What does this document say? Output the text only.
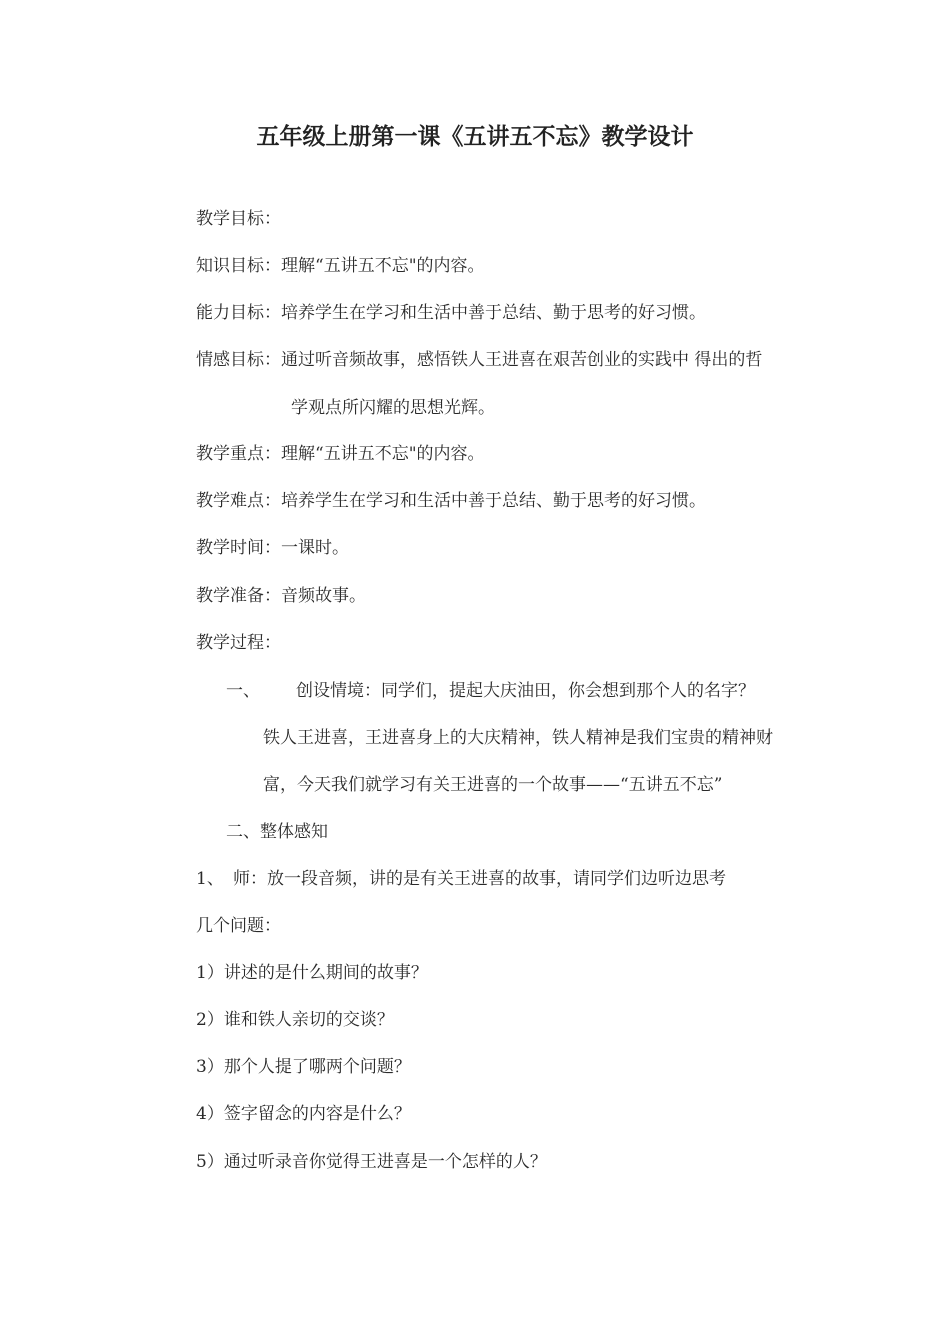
五年级上册第一课《五讲五不忘》教学设计
教学目标：
知识目标：理解“五讲五不忘"的内容。
能力目标：培养学生在学习和生活中善于总结、勤于思考的好习惯。
情感目标：通过听音频故事，感悟铁人王进喜在艰苦创业的实践中 得出的哲
学观点所闪耀的思想光辉。
教学重点：理解“五讲五不忘"的内容。
教学难点：培养学生在学习和生活中善于总结、勤于思考的好习惯。
教学时间：一课时。
教学准备：音频故事。
教学过程：
一、 创设情境：同学们，提起大庆油田，你会想到那个人的名字？
铁人王进喜，王进喜身上的大庆精神，铁人精神是我们宝贵的精神财
富，今天我们就学习有关王进喜的一个故事——“五讲五不忘”
二、整体感知
1、 师：放一段音频，讲的是有关王进喜的故事，请同学们边听边思考
几个问题：
1）讲述的是什么期间的故事？
2）谁和铁人亲切的交谈？
3）那个人提了哪两个问题？
4）签字留念的内容是什么？
5）通过听录音你觉得王进喜是一个怎样的人？
